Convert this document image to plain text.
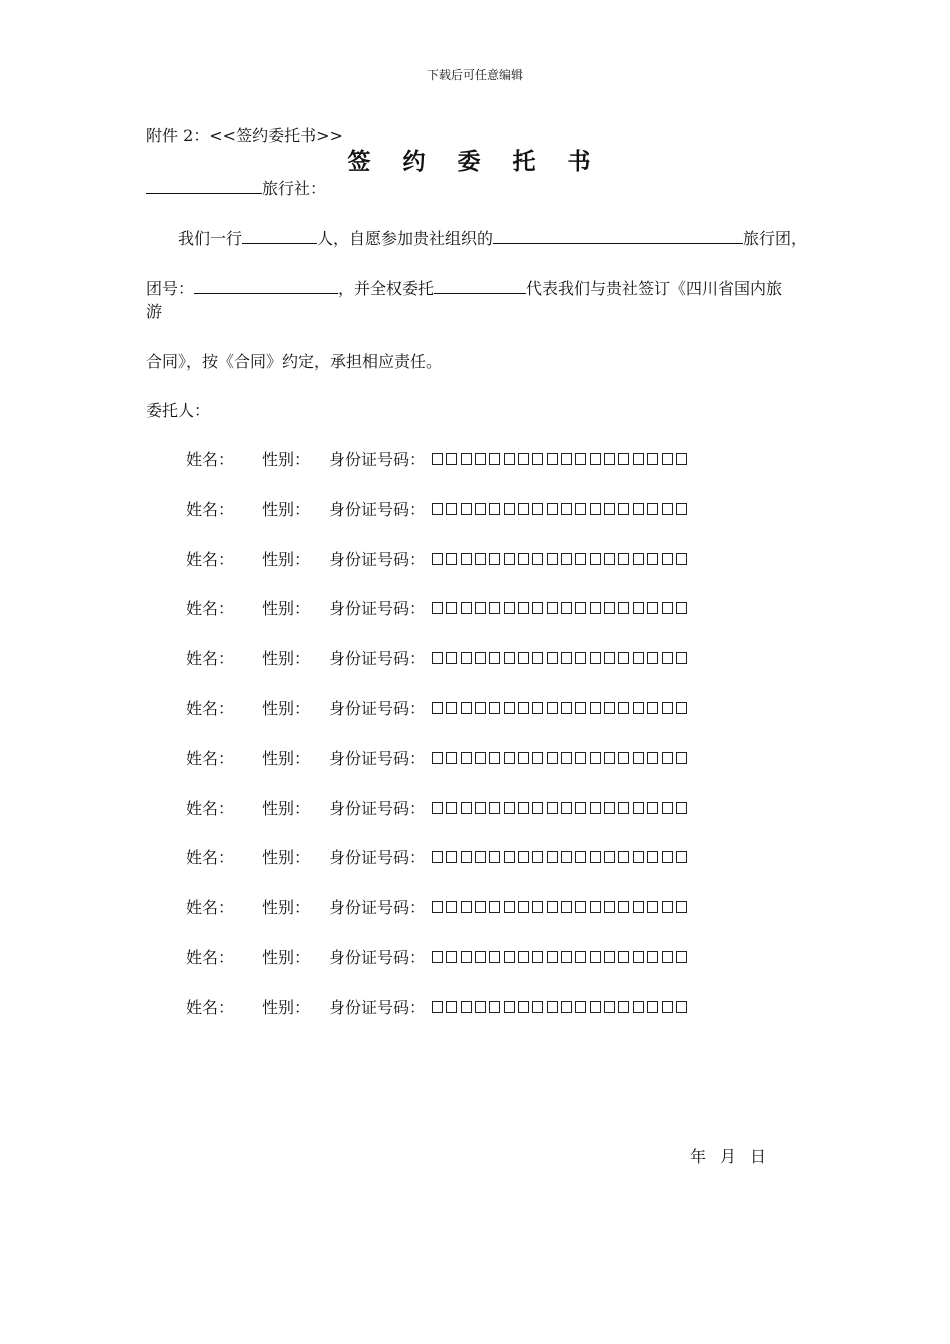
下载后可任意编辑
附件 2：<<签约委托书>>
签 约 委 托 书
旅行社：
我们一行	人，自愿参加贵社组织的	旅行团，
团号：	，并全权委托	代表我们与贵社签订《四川省国内旅
游
合同》，按《合同》约定，承担相应责任。
委托人：
姓名： 性别： 身份证号码：
姓名： 性别： 身份证号码：
姓名： 性别： 身份证号码：
姓名： 性别： 身份证号码：
姓名： 性别： 身份证号码：
姓名： 性别： 身份证号码：
姓名： 性别： 身份证号码：
姓名： 性别： 身份证号码：
姓名： 性别： 身份证号码：
姓名： 性别： 身份证号码：
姓名： 性别： 身份证号码：
姓名： 性别： 身份证号码：
年 月 日
